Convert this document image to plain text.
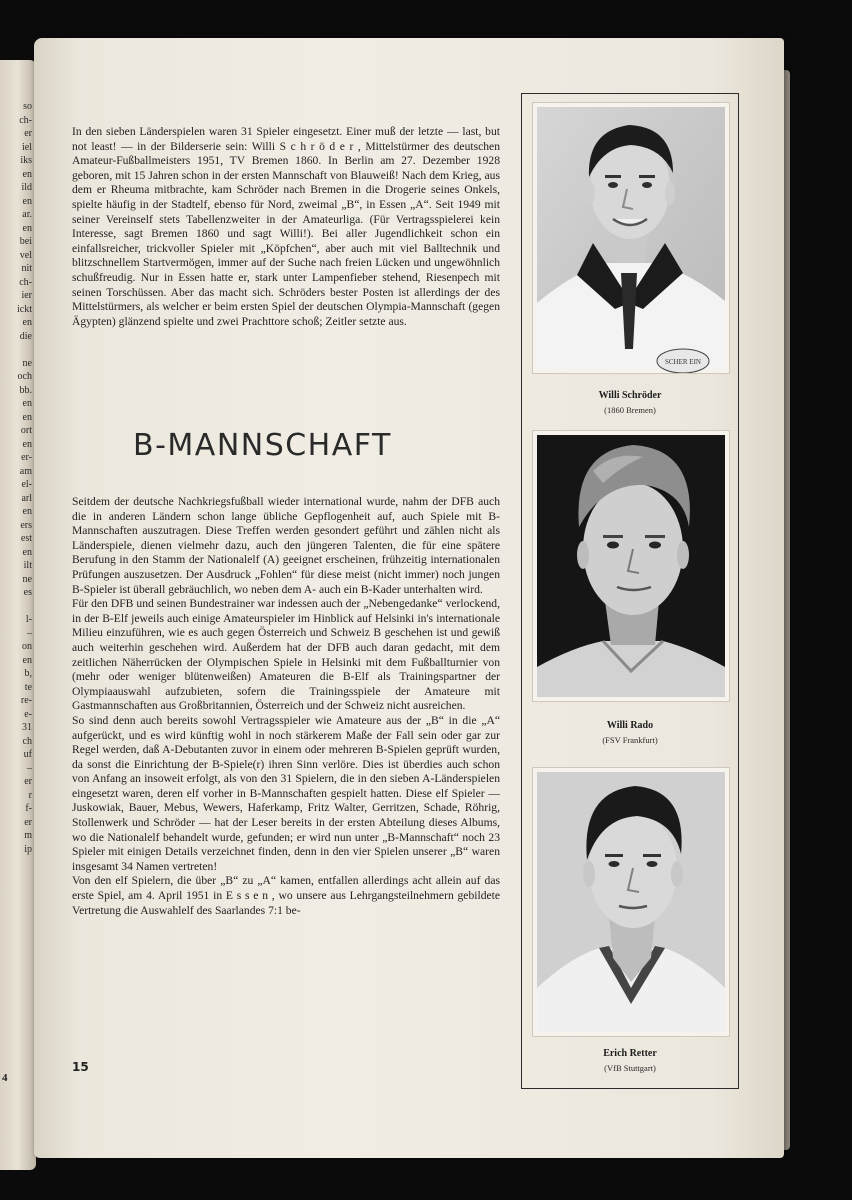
so
ch-
er
iel
iks
en
ild
en
ar.
en
bei
vel
nit
ch-
ier
ickt
en
die

ne
och
bb.
en
en
ort
en
er-
am
el-
arl
en
ers
est
en
ilt
ne
es

l-
–
on
en
b,
te
re-
e-
31
ch
uf
–
er
r
f-
er
m
ip
4

In den sieben Länderspielen waren 31 Spieler eingesetzt. Einer muß der letzte — last, but not least! — in der Bilderserie sein: Willi S c h r ö d e r , Mittelstürmer des deutschen Amateur-Fußballmeisters 1951, TV Bremen 1860. In Berlin am 27. Dezember 1928 geboren, mit 15 Jahren schon in der ersten Mannschaft von Blauweiß! Nach dem Krieg, aus dem er Rheuma mitbrachte, kam Schröder nach Bremen in die Drogerie seines Onkels, spielte häufig in der Stadtelf, ebenso für Nord, zweimal „B“, in Essen „A“. Seit 1949 mit seiner Vereinself stets Tabellenzweiter in der Amateurliga. (Für Vertragsspielerei kein Interesse, sagt Bremen 1860 und sagt Willi!). Bei aller Jugendlichkeit schon ein einfallsreicher, trickvoller Spieler mit „Köpfchen“, aber auch mit viel Balltechnik und blitzschnellem Startvermögen, immer auf der Suche nach freien Lücken und ungewöhnlich schußfreudig. Nur in Essen hatte er, stark unter Lampenfieber stehend, Riesenpech mit seinen Torschüssen. Aber das macht sich. Schröders bester Posten ist allerdings der des Mittelstürmers, als welcher er beim ersten Spiel der deutschen Olympia-Mannschaft (gegen Ägypten) glänzend spielte und zwei Prachttore schoß; Zeitler setzte aus.

B-MANNSCHAFT

Seitdem der deutsche Nachkriegsfußball wieder international wurde, nahm der DFB auch die in anderen Ländern schon lange übliche Gepflogenheit auf, auch Spiele mit B-Mannschaften auszutragen. Diese Treffen werden gesondert geführt und zählen nicht als Länderspiele, dienen vielmehr dazu, auch den jüngeren Talenten, die für eine spätere Berufung in den Stamm der Nationalelf (A) geeignet erscheinen, frühzeitig internationalen Prüfungen auszusetzen. Der Ausdruck „Fohlen“ für diese meist (nicht immer) noch jungen B-Spieler ist überall gebräuchlich, wo neben dem A- auch ein B-Kader unterhalten wird.

Für den DFB und seinen Bundestrainer war indessen auch der „Nebengedanke“ verlockend, in der B-Elf jeweils auch einige Amateurspieler im Hinblick auf Helsinki in's internationale Milieu einzuführen, wie es auch gegen Österreich und Schweiz B geschehen ist und gewiß auch weiterhin geschehen wird. Außerdem hat der DFB auch daran gedacht, mit dem zeitlichen Näherrücken der Olympischen Spiele in Helsinki mit dem Fußballturnier von (mehr oder weniger blütenweißen) Amateuren die B-Elf als Trainingspartner der Olympiaauswahl aufzubieten, sofern die Trainingsspiele der Amateure mit Gastmannschaften aus Großbritannien, Österreich und der Schweiz nicht ausreichen.

So sind denn auch bereits sowohl Vertragsspieler wie Amateure aus der „B“ in die „A“ aufgerückt, und es wird künftig wohl in noch stärkerem Maße der Fall sein oder gar zur Regel werden, daß A-Debutanten zuvor in einem oder mehreren B-Spielen geprüft wurden, da sonst die Einrichtung der B-Spiele(r) ihren Sinn verlöre. Dies ist überdies auch schon von Anfang an insoweit erfolgt, als von den 31 Spielern, die in den sieben A-Länderspielen eingesetzt waren, deren elf vorher in B-Mannschaften gespielt hatten. Diese elf Spieler — Juskowiak, Bauer, Mebus, Wewers, Haferkamp, Fritz Walter, Gerritzen, Schade, Röhrig, Stollenwerk und Schröder — hat der Leser bereits in der ersten Abteilung dieses Albums, wo die Nationalelf behandelt wurde, gefunden; er wird nun unter „B-Mannschaft“ noch 23 Spieler mit einigen Details verzeichnet finden, denn in den vier Spielen unserer „B“ waren insgesamt 34 Namen vertreten!

Von den elf Spielern, die über „B“ zu „A“ kamen, entfallen allerdings acht allein auf das erste Spiel, am 4. April 1951 in E s s e n , wo unsere aus Lehrgangsteilnehmern gebildete Vertretung die Auswahlelf des Saarlandes 7:1 be-

15
SCHER EIN
Willi Schröder
(1860 Bremen)
Willi Rado
(FSV Frankfurt)
Erich Retter
(VfB Stuttgart)
